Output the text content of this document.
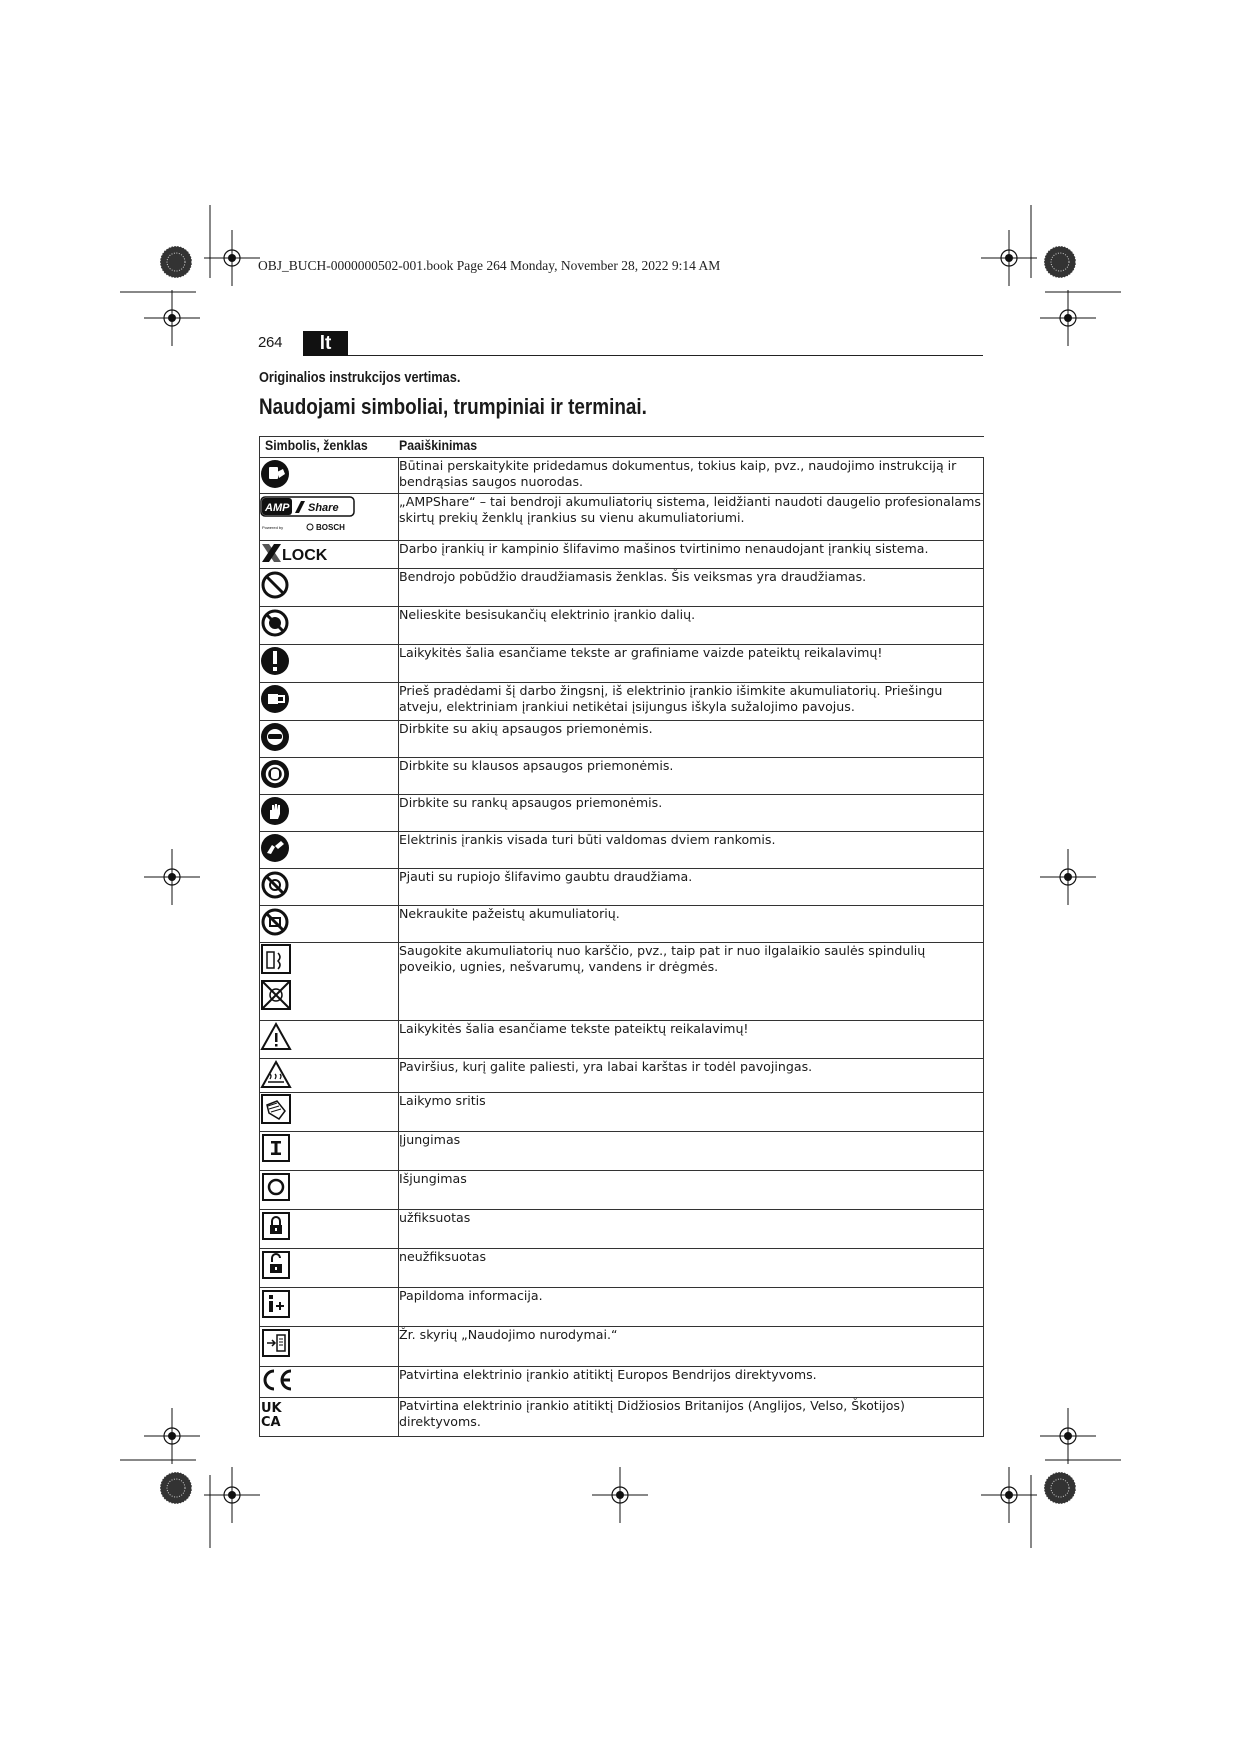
OBJ_BUCH-0000000502-001.book Page 264 Monday, November 28, 2022 9:14 AM
264	lt
Originalios instrukcijos vertimas.
Naudojami simboliai, trumpiniai ir terminai.
Simbolis, ženklas	Paaiškinimas

	Būtinai perskaitykite pridedamus dokumentus, tokius kaip, pvz., naudojimo instrukciją ir bendrąsias saugos nuorodas.

AMP Share
Powered by BOSCH	„AMPShare“ – tai bendroji akumuliatorių sistema, leidžianti naudoti daugelio profesionalams skirtų prekių ženklų įrankius su vienu akumuliatoriumi.

LOCK	Darbo įrankių ir kampinio šlifavimo mašinos tvirtinimo nenaudojant įrankių sistema.

	Bendrojo pobūdžio draudžiamasis ženklas. Šis veiksmas yra draudžiamas.

	Nelieskite besisukančių elektrinio įrankio dalių.

	Laikykitės šalia esančiame tekste ar grafiniame vaizde pateiktų reikalavimų!

	Prieš pradėdami šį darbo žingsnį, iš elektrinio įrankio išimkite akumuliatorių. Priešingu atveju, elektriniam įrankiui netikėtai įsijungus iškyla sužalojimo pavojus.

	Dirbkite su akių apsaugos priemonėmis.

	Dirbkite su klausos apsaugos priemonėmis.

	Dirbkite su rankų apsaugos priemonėmis.

	Elektrinis įrankis visada turi būti valdomas dviem rankomis.

	Pjauti su rupiojo šlifavimo gaubtu draudžiama.

	Nekraukite pažeistų akumuliatorių.

	Saugokite akumuliatorių nuo karščio, pvz., taip pat ir nuo ilgalaikio saulės spindulių poveikio, ugnies, nešvarumų, vandens ir drėgmės.

	Laikykitės šalia esančiame tekste pateiktų reikalavimų!

	Paviršius, kurį galite paliesti, yra labai karštas ir todėl pavojingas.

	Laikymo sritis

	Įjungimas

	Išjungimas

	užfiksuotas

	neužfiksuotas

	Papildoma informacija.

	Žr. skyrių „Naudojimo nurodymai.“

	Patvirtina elektrinio įrankio atitiktį Europos Bendrijos direktyvoms.

UK
CA	Patvirtina elektrinio įrankio atitiktį Didžiosios Britanijos (Anglijos, Velso, Škotijos) direktyvoms.
